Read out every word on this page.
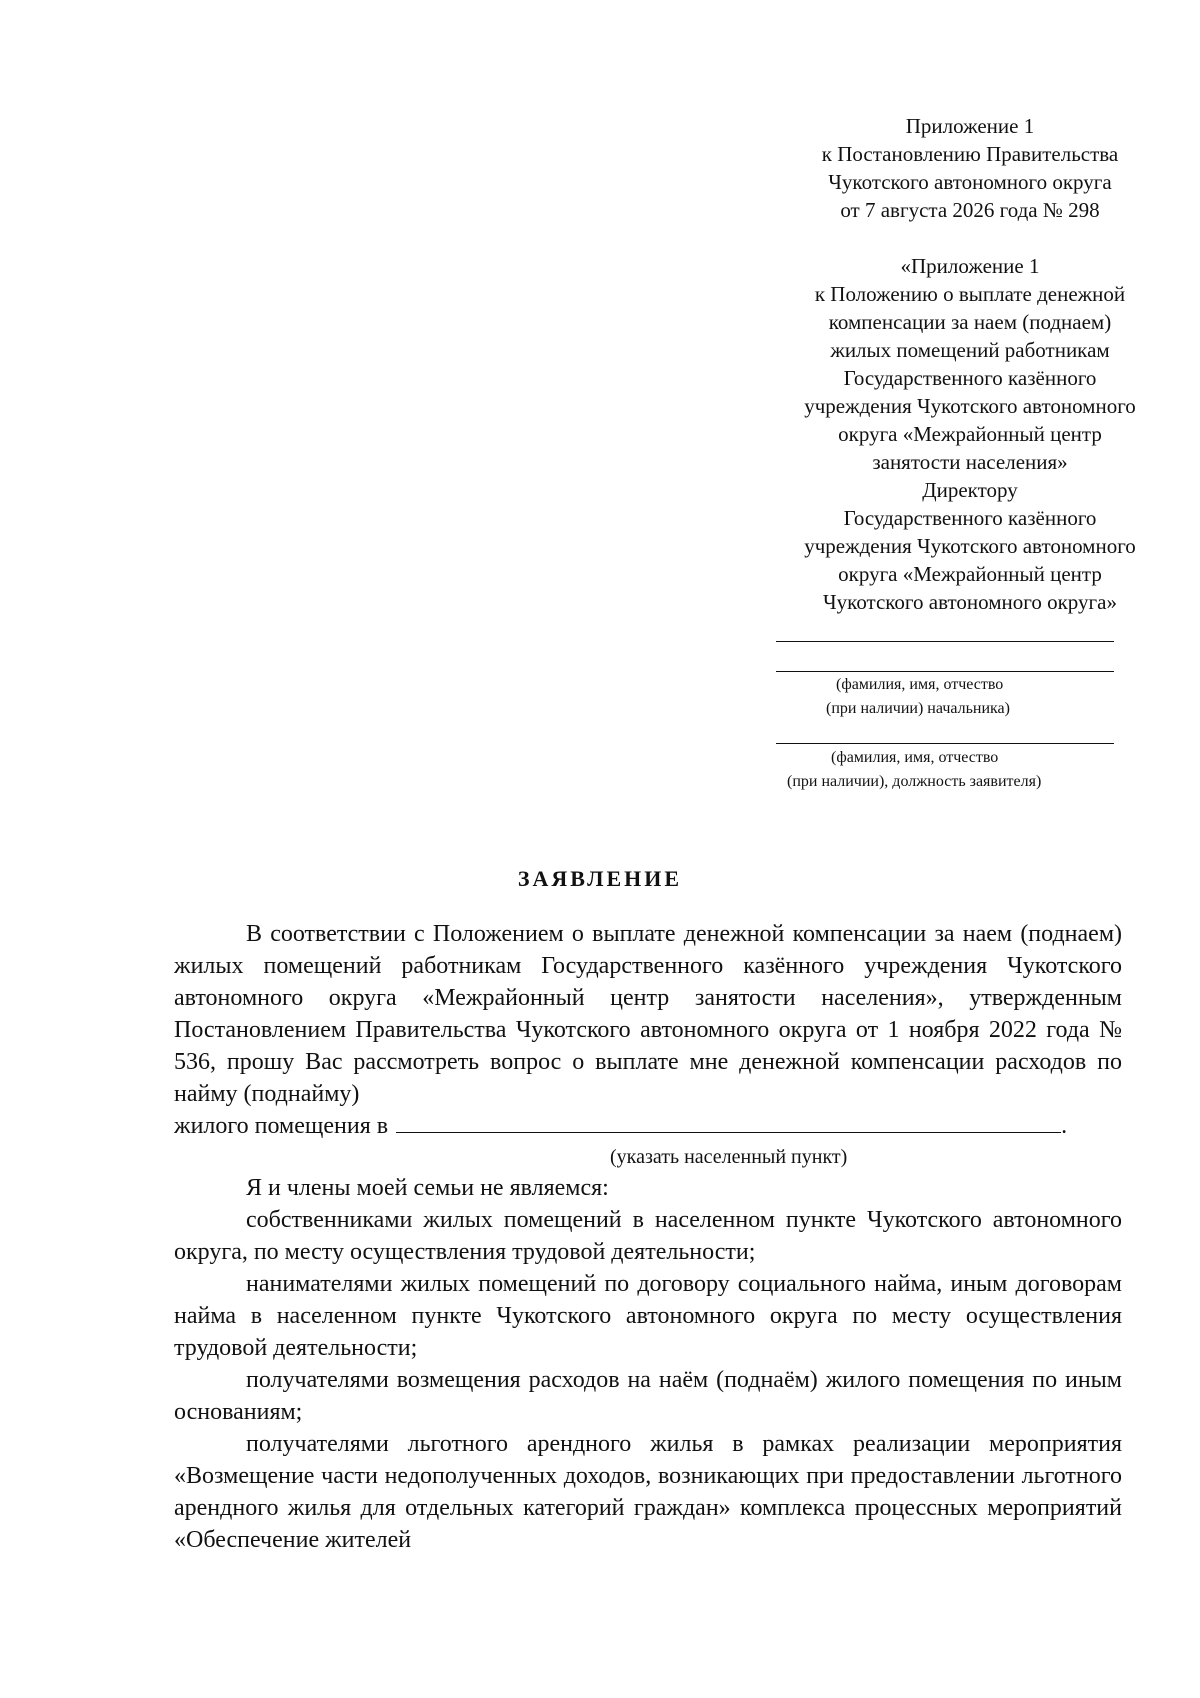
Приложение 1
к Постановлению Правительства
Чукотского автономного округа
от 7 августа 2026 года № 298
«Приложение 1
к Положению о выплате денежной
компенсации за наем (поднаем)
жилых помещений работникам
Государственного казённого
учреждения Чукотского автономного
округа «Межрайонный центр
занятости населения»
Директору
Государственного казённого
учреждения Чукотского автономного
округа «Межрайонный центр
Чукотского автономного округа»
(фамилия, имя, отчество
(при наличии) начальника)
(фамилия, имя, отчество
(при наличии), должность заявителя)
ЗАЯВЛЕНИЕ

В соответствии с Положением о выплате денежной компенсации за наем (поднаем) жилых помещений работникам Государственного казённого учреждения Чукотского автономного округа «Межрайонный центр занятости населения», утвержденным Постановлением Правительства Чукотского автономного округа от 1 ноября 2022 года № 536, прошу Вас рассмотреть вопрос о выплате мне денежной компенсации расходов по найму (поднайму)

жилого помещения в	.
(указать населенный пункт)

Я и члены моей семьи не являемся:

собственниками жилых помещений в населенном пункте Чукотского автономного округа, по месту осуществления трудовой деятельности;

нанимателями жилых помещений по договору социального найма, иным договорам найма в населенном пункте Чукотского автономного округа по месту осуществления трудовой деятельности;

получателями возмещения расходов на наём (поднаём) жилого помещения по иным основаниям;

получателями льготного арендного жилья в рамках реализации мероприятия «Возмещение части недополученных доходов, возникающих при предоставлении льготного арендного жилья для отдельных категорий граждан» комплекса процессных мероприятий «Обеспечение жителей
